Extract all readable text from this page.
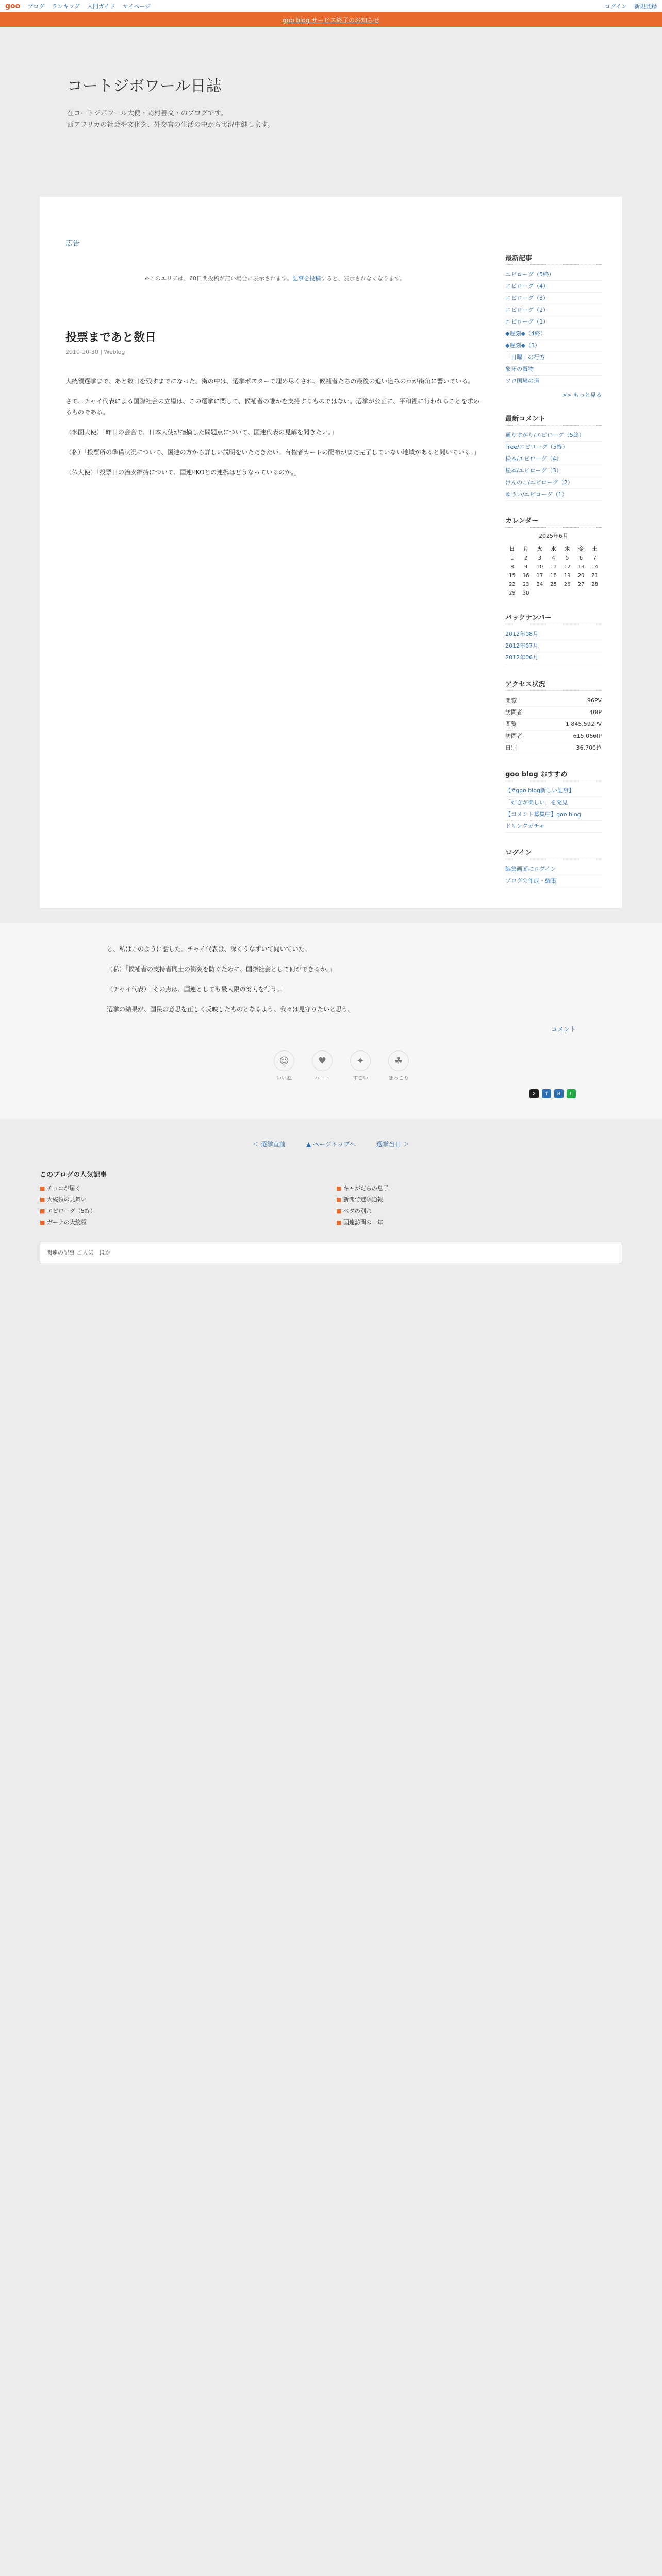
goo ブログ ランキング 入門ガイド マイページ	ログイン 新規登録
goo blog サービス終了のお知らせ
コートジボワール日誌
在コートジボワール大使・岡村善文・のブログです。
西アフリカの社会や文化を、外交官の生活の中から実況中継します。
広告
※このエリアは、60日間投稿が無い場合に表示されます。記事を投稿すると、表示されなくなります。
投票まであと数日
2010-10-30 | Weblog

大統領選挙まで、あと数日を残すまでになった。街の中は、選挙ポスターで埋め尽くされ、候補者たちの最後の追い込みの声が街角に響いている。

さて、チャイ代表による国際社会の立場は、この選挙に関して、候補者の誰かを支持するものではない。選挙が公正に、平和裡に行われることを求めるものである。

（米国大使）「昨日の会合で、日本大使が指摘した問題点について、国連代表の見解を聞きたい。」

（私）「投票所の準備状況について、国連の方から詳しい説明をいただきたい。有権者カードの配布がまだ完了していない地域があると聞いている。」

（仏大使）「投票日の治安維持について、国連PKOとの連携はどうなっているのか。」

最新記事
エピローグ（5終）
エピローグ（4）
エピローグ（3）
エピローグ（2）
エピローグ（1）
◆遅刻◆（4終）
◆遅刻◆（3）
「日曜」の行方
象牙の置物
ソロ国境の道
>> もっと見る
最新コメント
通りすがり/エピローグ（5終）
Tree/エピローグ（5終）
松本/エピローグ（4）
松本/エピローグ（3）
けんのこ/エピローグ（2）
ゆうい/エピローグ（1）
カレンダー
2025年6月
日	月	火	水	木	金	土
1	2	3	4	5	6	7
8	9	10	11	12	13	14
15	16	17	18	19	20	21
22	23	24	25	26	27	28
29	30					
バックナンバー
2012年08月
2012年07月
2012年06月
アクセス状況
閲覧	96PV
訪問者	40IP
閲覧	1,845,592PV
訪問者	615,066IP
日別	36,700位
goo blog おすすめ
【#goo blog新しい記事】
「好きが楽しい」を発見
【コメント募集中】goo blog
ドリンクガチャ
ログイン
編集画面にログイン
ブログの作成・編集

と、私はこのように話した。チャイ代表は、深くうなずいて聞いていた。

（私）「候補者の支持者同士の衝突を防ぐために、国際社会として何ができるか。」

（チャイ代表）「その点は、国連としても最大限の努力を行う。」

選挙の結果が、国民の意思を正しく反映したものとなるよう、我々は見守りたいと思う。

コメント
☺
いいね
♥
ハート
✦
すごい
☘
ほっこり
X	f	B	L
＜ 選挙直前	▲ ページトップへ	選挙当日 ＞
このブログの人気記事
■ チョコが届く	■ キャがだらの息子
■ 大統領の見舞い	■ 新聞で選挙通報
■ エピローグ（5終）	■ ペタの別れ
■ ガーナの大統領	■ 国連訪問の一年
関連の記事 ご人気　ほか
